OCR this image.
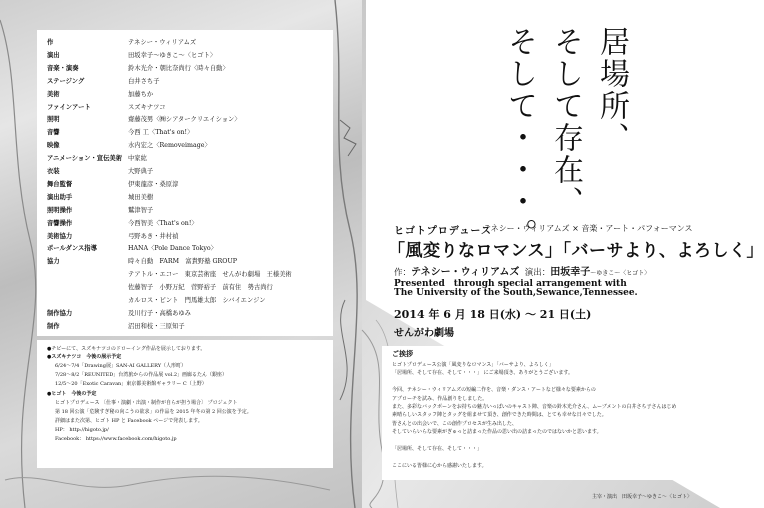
作	テネシー・ウィリアムズ
演出	田坂幸子〜ゆきこ〜〈ヒゴト〉
音楽・演奏	鈴木光介・朝比奈尚行〈時々自動〉
ステージング	白井さち子
美術	加藤ちか
ファインアート	スズキナツコ
照明	齋藤茂男〈㈱シアタークリエイション〉
音響	今西 工〈That's on!〉
映像	水内宏之〈Removeimage〉
アニメーション・宣伝美術 中家紘
衣装	大野典子
舞台監督	伊東龍彦・桑原淳
演出助手	城田美樹
照明操作	鷲津智子
音響操作	今西智美〈That's on!〉
美術協力	弓野あき・井村禎
ポールダンス指導	HANA〈Pole Dance Tokyo〉
協力	時々自動　FARM　富貴野塾 GROUP
テアトル・エコー　東京芸術座　せんがわ劇場　王様美術
佐藤智子　小野万紀　菅野裕子　前有住　勢古尚行
カルロス・ピント　門馬雄太郎　シバイエンジン
制作協力	及川行子・高橋あゆみ
制作	沼田和枝・三原知子
●チピーにて、スズキナツコのドローイング作品を展示しております。
●スズキナツコ　今後の展示予定
6/24〜7/4「Drawing展」SAN-AI GALLERY（人形町）
7/28〜8/2「REUNITED」台湾旅からの作品展 vol.2」画廊るたん（銀座）
12/5〜20「Exotic Caravan」東京都美術館ギャラリー C（上野）
●ヒゴト　今後の予定
ヒゴトプロデュース 〔仕事・演劇・出演・制作が自らが担う場合〕 プロジェクト
第 18 回公演「危険すぎ秘の向こうの欲求」の作品を 2015 年冬の第 2 回公演を予定。
詳細はまた次第、ヒゴト HP と Facebook ページで発表します。
HP： http://higoto.jp/
Facebook： https://www.facebook.com/higoto.jp
居場所、
そして存在、
そして・・・。
ヒゴトプロデュース
テネシー・ウィリアムズ × 音楽・アート・パフォーマンス
「風変りなロマンス」「バーサより、よろしく」
作：テネシー・ウィリアムズ 演出：田坂幸子〜ゆきこ〜〈ヒゴト〉
Presented　through special arrangement with
The University of the South,Sewance,Tennessee.
2014 年 6 月 18 日(水) 〜 21 日(土)
せんがわ劇場
ご挨拶
ヒゴトプロデュース公演「風変りなロマンス」「バーサより、よろしく」
「居場所、そして存在、そして・・・」 にご来場頂き、ありがとうございます。
今回、テネシー・ウィリアムズの短編二作を、音楽・ダンス・アートなど様々な要素からの
アプローチを試み、作品創りをしました。
また、多彩なバックボーンをお持ちの魅力いっぱいのキャスト陣、音楽の鈴木光介さん、ムーブメントの白井さち子さんはじめ
素晴らしいスタッフ陣とタッグを組ませて頂き、創作できた時間は、とても幸せな日々でした。
皆さんとの出会いで、この創作プロセスが生み出した、
そしていらいらな要素がぎゅっと詰まった作品の思い出の詰まったのではないかと思います。
「居場所、そして存在、そして・・・」
ここにいる皆様に心から感謝いたします。
主宰・演出　田坂幸子〜ゆきこ〜〈ヒゴト〉
